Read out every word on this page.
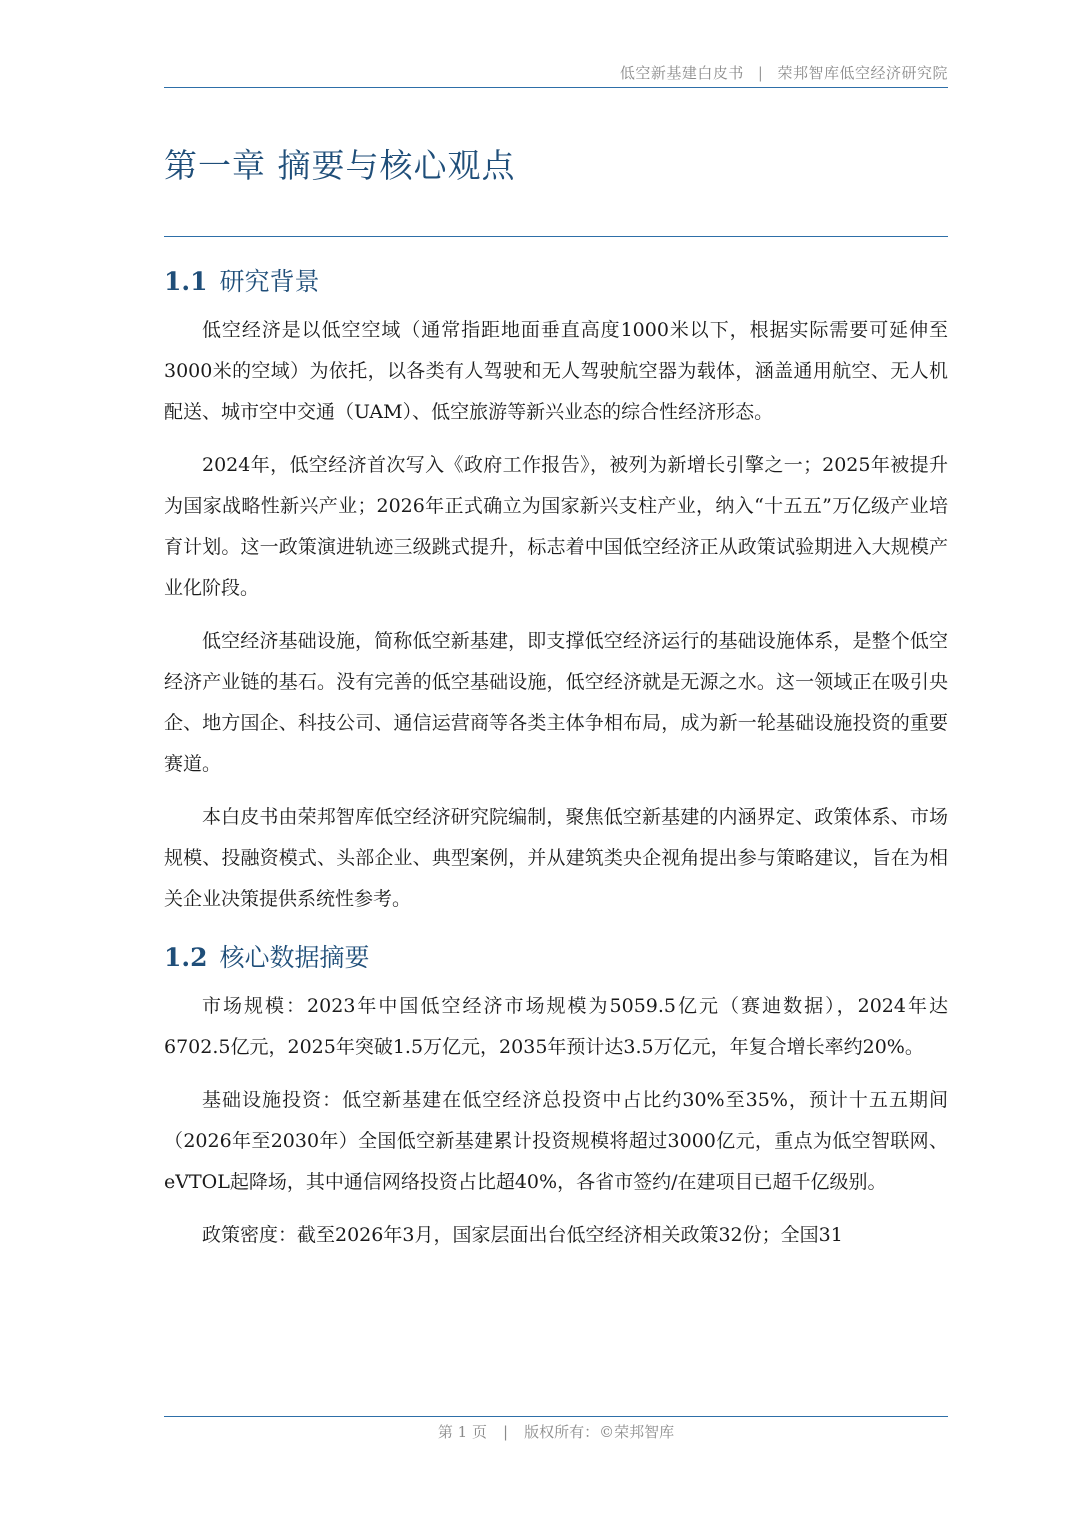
低空新基建白皮书 | 荣邦智库低空经济研究院
第一章 摘要与核心观点
1.1 研究背景

低空经济是以低空空域（通常指距地面垂直高度1000米以下，根据实际需要可延伸至3000米的空域）为依托，以各类有人驾驶和无人驾驶航空器为载体，涵盖通用航空、无人机配送、城市空中交通（UAM）、低空旅游等新兴业态的综合性经济形态。

2024年，低空经济首次写入《政府工作报告》，被列为新增长引擎之一；2025年被提升为国家战略性新兴产业；2026年正式确立为国家新兴支柱产业，纳入“十五五”万亿级产业培育计划。这一政策演进轨迹三级跳式提升，标志着中国低空经济正从政策试验期进入大规模产业化阶段。

低空经济基础设施，简称低空新基建，即支撑低空经济运行的基础设施体系，是整个低空经济产业链的基石。没有完善的低空基础设施，低空经济就是无源之水。这一领域正在吸引央企、地方国企、科技公司、通信运营商等各类主体争相布局，成为新一轮基础设施投资的重要赛道。

本白皮书由荣邦智库低空经济研究院编制，聚焦低空新基建的内涵界定、政策体系、市场规模、投融资模式、头部企业、典型案例，并从建筑类央企视角提出参与策略建议，旨在为相关企业决策提供系统性参考。

1.2 核心数据摘要

市场规模：2023年中国低空经济市场规模为5059.5亿元（赛迪数据），2024年达6702.5亿元，2025年突破1.5万亿元，2035年预计达3.5万亿元，年复合增长率约20%。

基础设施投资：低空新基建在低空经济总投资中占比约30%至35%，预计十五五期间（2026年至2030年）全国低空新基建累计投资规模将超过3000亿元，重点为低空智联网、eVTOL起降场，其中通信网络投资占比超40%，各省市签约/在建项目已超千亿级别。

政策密度：截至2026年3月，国家层面出台低空经济相关政策32份；全国31

第 1 页 | 版权所有：©荣邦智库
